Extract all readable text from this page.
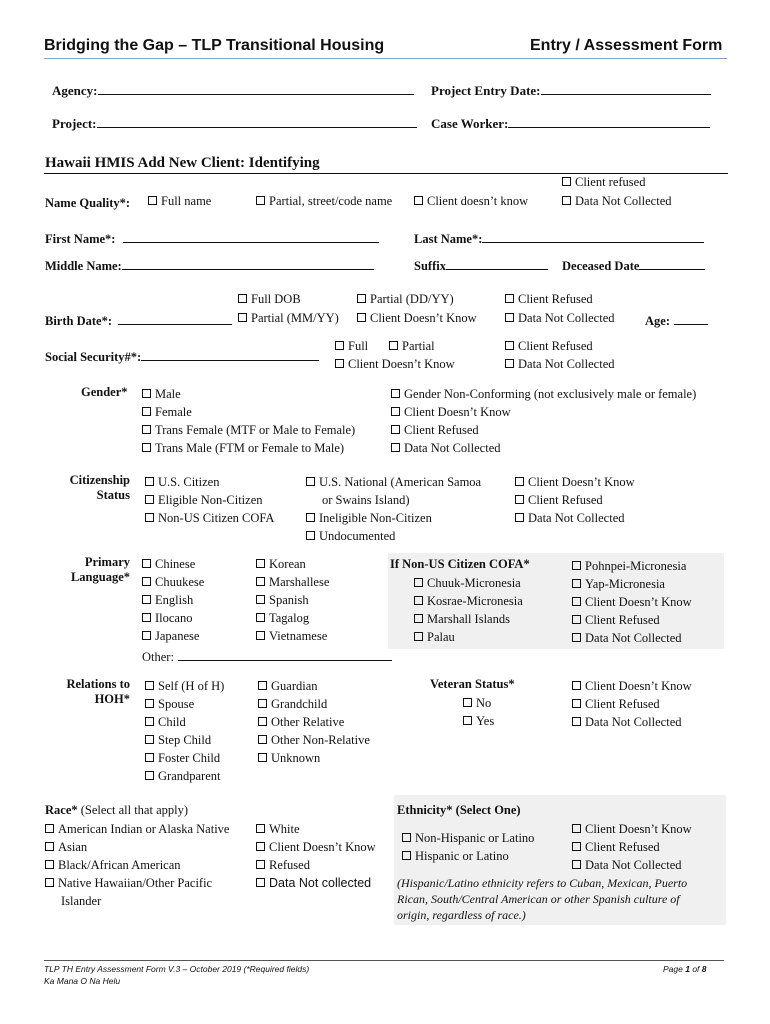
Bridging the Gap – TLP Transitional Housing	Entry / Assessment Form
Agency:	Project Entry Date:
Project:	Case Worker:
Hawaii HMIS Add New Client: Identifying
Name Quality*:	Full name	Partial, street/code name	Client doesn’t know
Client refused
Data Not Collected
First Name*:	Last Name*:
Middle Name:	Suffix	Deceased Date
Birth Date*:
Full DOB
Partial (MM/YY)
Partial (DD/YY)
Client Doesn’t Know
Client Refused
Data Not Collected Age:
Social Security#*:
Full	Partial
Client Doesn’t Know
Client Refused
Data Not Collected
Gender*	Male
Female
Trans Female (MTF or Male to Female)
Trans Male (FTM or Female to Male)
Gender Non-Conforming (not exclusively male or female)
Client Doesn’t Know
Client Refused
Data Not Collected
Citizenship
Status
U.S. Citizen
Eligible Non-Citizen
Non-US Citizen COFA
U.S. National (American Samoa
or Swains Island)
Ineligible Non-Citizen
Undocumented
Client Doesn’t Know
Client Refused
Data Not Collected
Primary
Language*
Chinese
Chuukese
English
Ilocano
Japanese
Korean
Marshallese
Spanish
Tagalog
Vietnamese
Other:
If Non-US Citizen COFA*
Chuuk-Micronesia
Kosrae-Micronesia
Marshall Islands
Palau
Pohnpei-Micronesia
Yap-Micronesia
Client Doesn’t Know
Client Refused
Data Not Collected
Relations to
HOH*
Self (H of H)
Spouse
Child
Step Child
Foster Child
Grandparent
Guardian
Grandchild
Other Relative
Other Non-Relative
Unknown
Veteran Status*
No
Yes
Client Doesn’t Know
Client Refused
Data Not Collected
Race* (Select all that apply)
American Indian or Alaska Native
Asian
Black/African American
Native Hawaiian/Other Pacific
Islander
White
Client Doesn’t Know
Refused
Data Not collected
Ethnicity* (Select One)
Non-Hispanic or Latino
Hispanic or Latino
Client Doesn’t Know
Client Refused
Data Not Collected
(Hispanic/Latino ethnicity refers to Cuban, Mexican, Puerto
Rican, South/Central American or other Spanish culture of
origin, regardless of race.)
TLP TH Entry Assessment Form V.3 – October 2019 (*Required fields)
Ka Mana O Na Helu
Page 1 of 8
